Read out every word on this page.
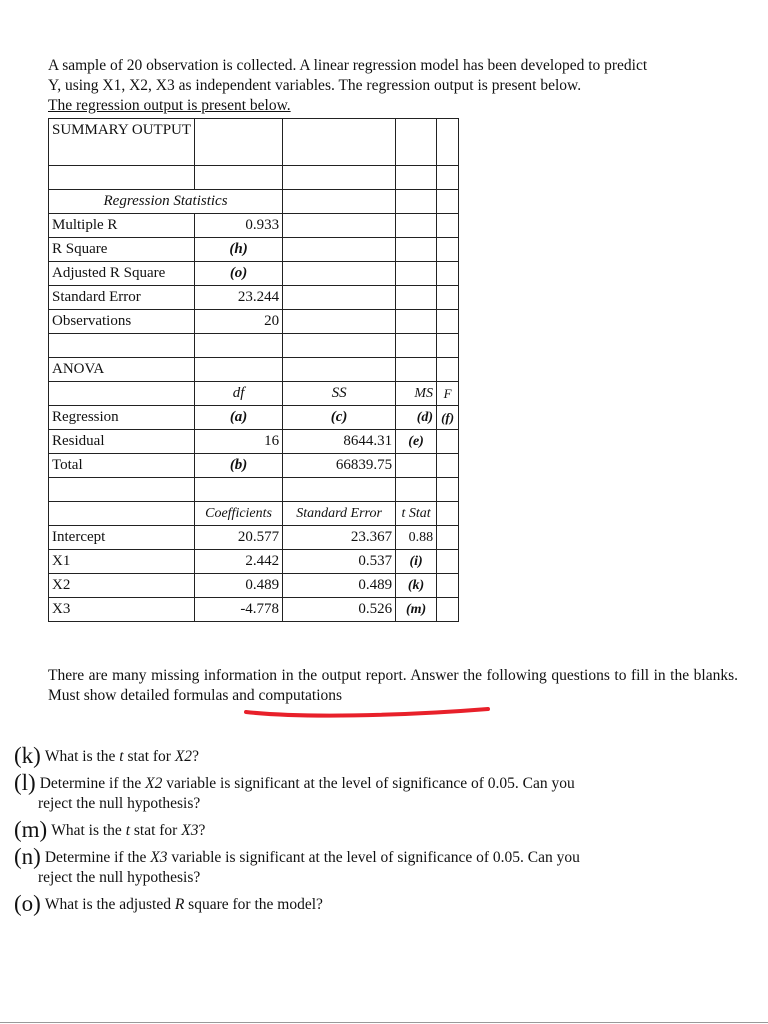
A sample of 20 observation is collected. A linear regression model has been developed to predict
Y, using X1, X2, X3 as independent variables. The regression output is present below.
The regression output is present below.
SUMMARY OUTPUT				

Regression Statistics				
Multiple R	0.933			
R Square	(h)			
Adjusted R Square	(o)			
Standard Error	23.244			
Observations	20			

ANOVA				
	df	SS	MS	F
Regression	(a)	(c)	(d)	(f)
Residual	16	8644.31	(e)	
Total	(b)	66839.75		

	Coefficients	Standard Error	t Stat	
Intercept	20.577	23.367	0.88	
X1	2.442	0.537	(i)	
X2	0.489	0.489	(k)	
X3	-4.778	0.526	(m)	

There are many missing information in the output report. Answer the following questions to fill in the blanks. Must show detailed formulas and computations

(k) What is the t stat for X2?
(l) Determine if the X2 variable is significant at the level of significance of 0.05. Can you
reject the null hypothesis?
(m) What is the t stat for X3?
(n) Determine if the X3 variable is significant at the level of significance of 0.05. Can you
reject the null hypothesis?
(o) What is the adjusted R square for the model?
